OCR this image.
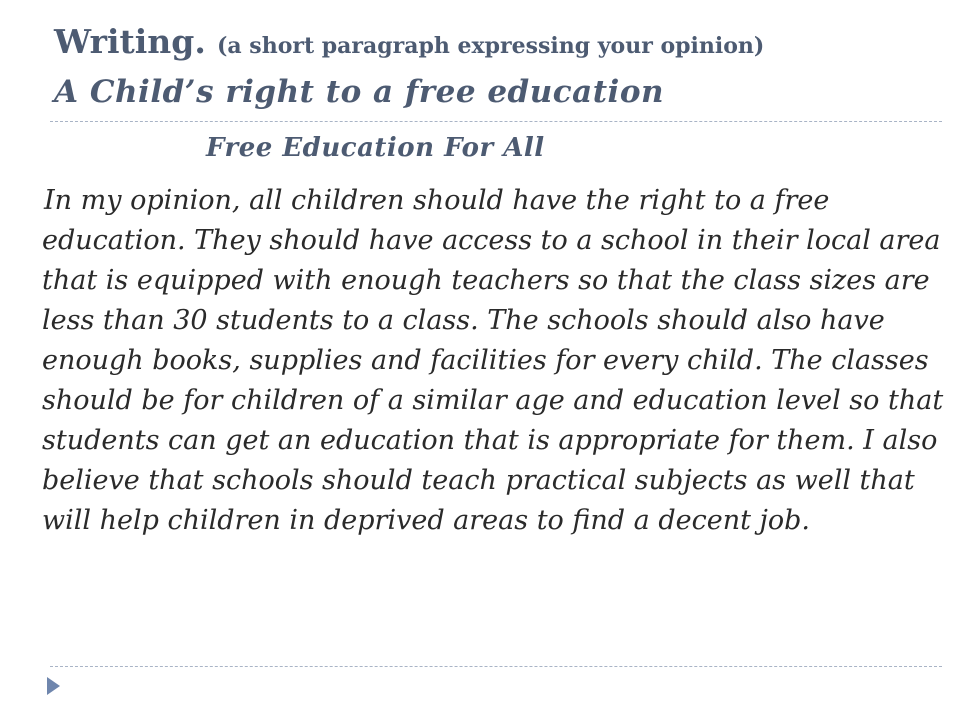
Writing. (a short paragraph expressing your opinion)
A Child’s right to a free education
Free Education For All

In my opinion, all children should have the right to a free education. They should have access to a school in their local area that is equipped with enough teachers so that the class sizes are less than 30 students to a class. The schools should also have enough books, supplies and facilities for every child. The classes should be for children of a similar age and education level so that students can get an education that is appropriate for them. I also believe that schools should teach practical subjects as well that will help children in deprived areas to find a decent job.
